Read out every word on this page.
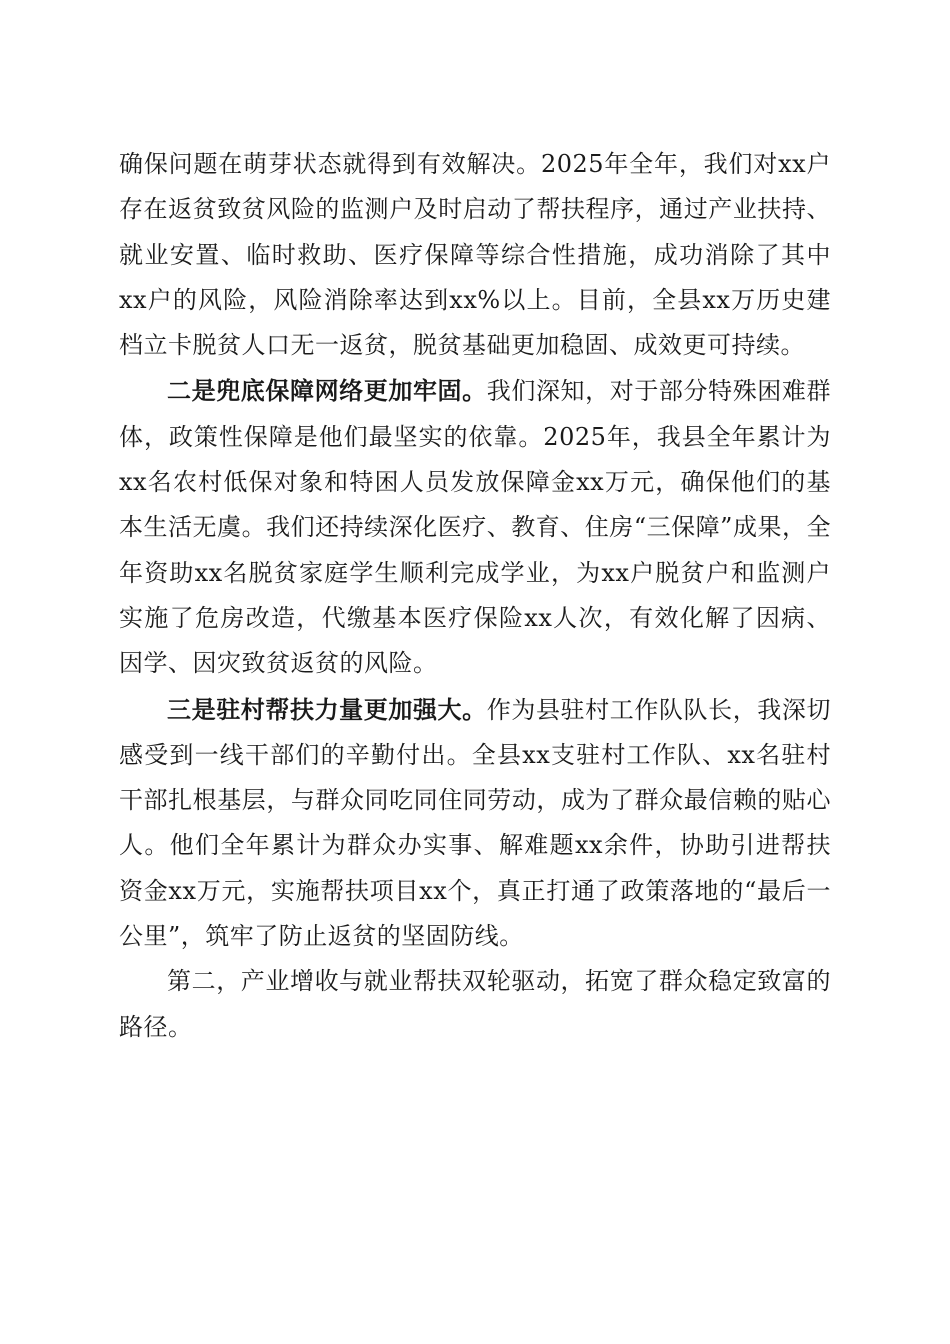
确保问题在萌芽状态就得到有效解决。2025年全年，我们对xx户存在返贫致贫风险的监测户及时启动了帮扶程序，通过产业扶持、就业安置、临时救助、医疗保障等综合性措施，成功消除了其中xx户的风险，风险消除率达到xx%以上。目前，全县xx万历史建档立卡脱贫人口无一返贫，脱贫基础更加稳固、成效更可持续。

二是兜底保障网络更加牢固。我们深知，对于部分特殊困难群体，政策性保障是他们最坚实的依靠。2025年，我县全年累计为xx名农村低保对象和特困人员发放保障金xx万元，确保他们的基本生活无虞。我们还持续深化医疗、教育、住房“三保障”成果，全年资助xx名脱贫家庭学生顺利完成学业，为xx户脱贫户和监测户实施了危房改造，代缴基本医疗保险xx人次，有效化解了因病、因学、因灾致贫返贫的风险。

三是驻村帮扶力量更加强大。作为县驻村工作队队长，我深切感受到一线干部们的辛勤付出。全县xx支驻村工作队、xx名驻村干部扎根基层，与群众同吃同住同劳动，成为了群众最信赖的贴心人。他们全年累计为群众办实事、解难题xx余件，协助引进帮扶资金xx万元，实施帮扶项目xx个，真正打通了政策落地的“最后一公里”，筑牢了防止返贫的坚固防线。

第二，产业增收与就业帮扶双轮驱动，拓宽了群众稳定致富的路径。
